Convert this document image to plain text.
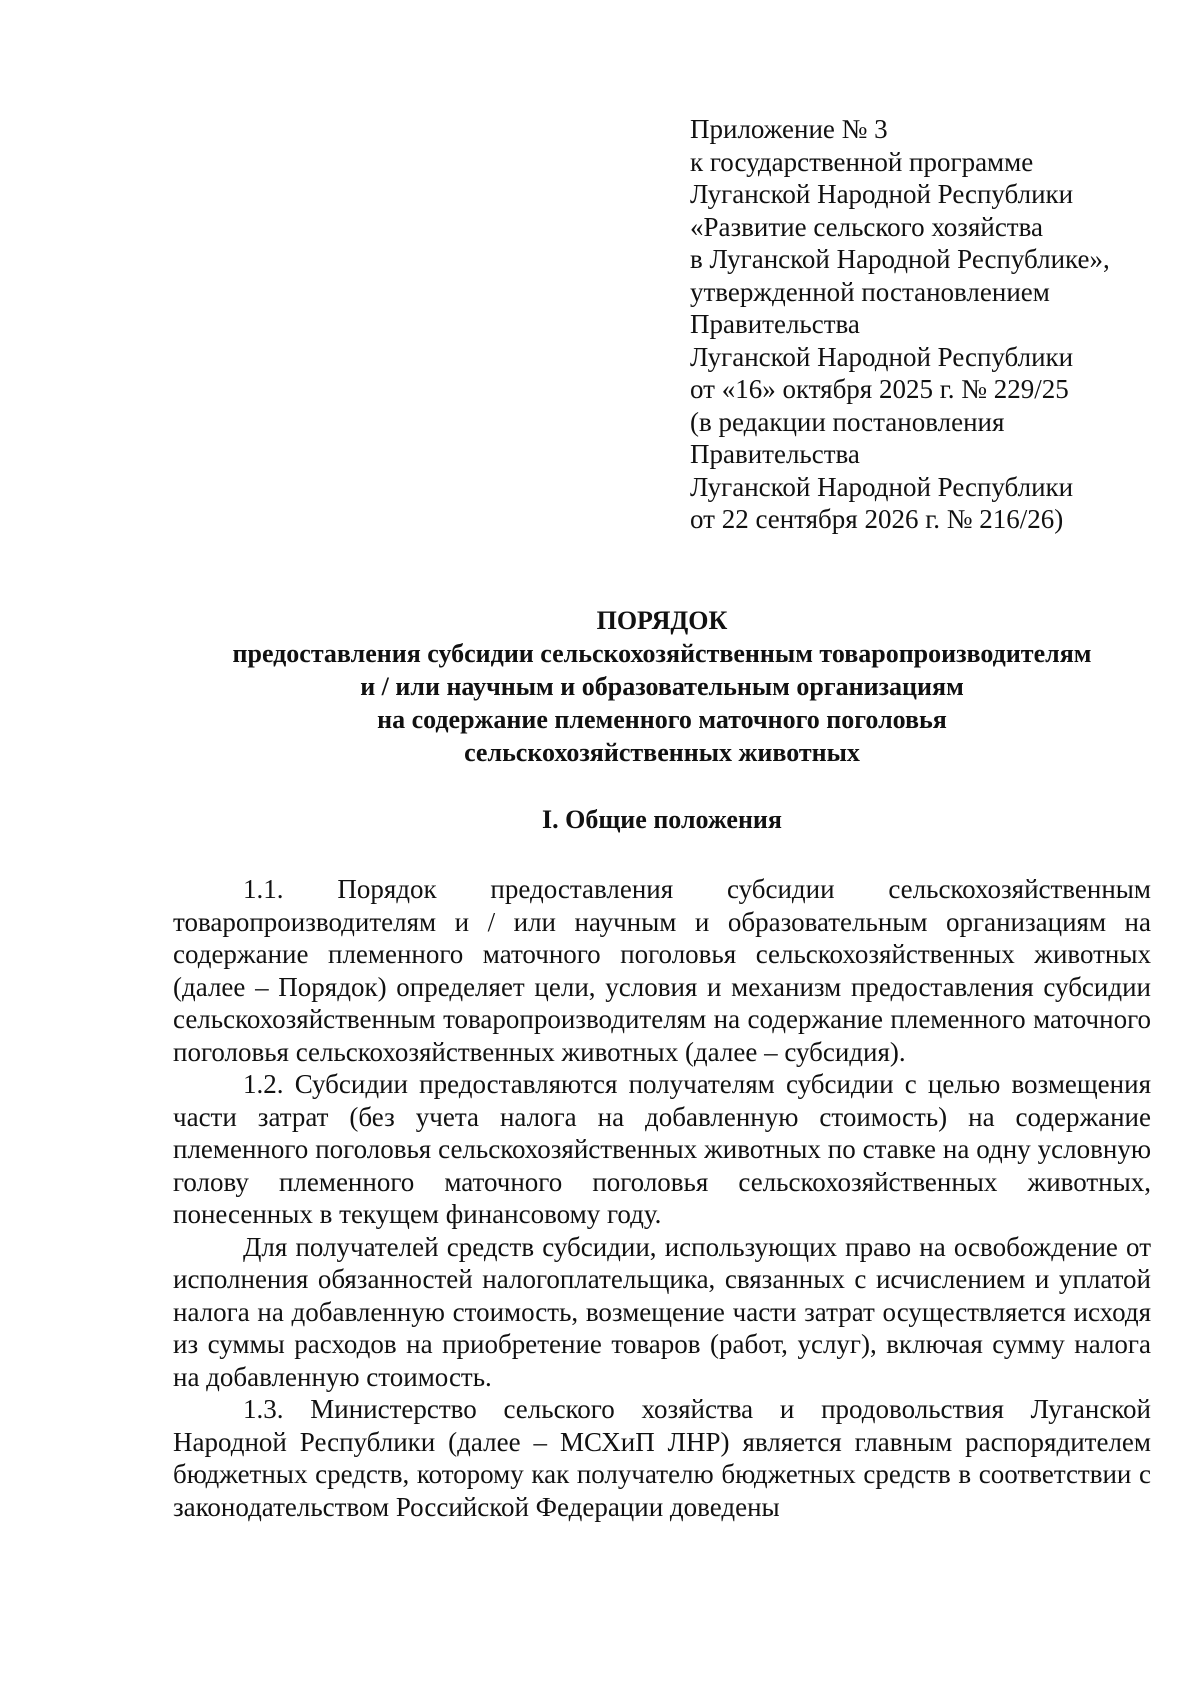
Приложение № 3
к государственной программе
Луганской Народной Республики
«Развитие сельского хозяйства
в Луганской Народной Республике»,
утвержденной постановлением
Правительства
Луганской Народной Республики
от «16» октября 2025 г. № 229/25
(в редакции постановления
Правительства
Луганской Народной Республики
от 22 сентября 2026 г. № 216/26)
ПОРЯДОК
предоставления субсидии сельскохозяйственным товаропроизводителям
и / или научным и образовательным организациям
на содержание племенного маточного поголовья
сельскохозяйственных животных
I. Общие положения

1.1. Порядок предоставления субсидии сельскохозяйственным товаропроизводителям и / или научным и образовательным организациям на содержание племенного маточного поголовья сельскохозяйственных животных (далее – Порядок) определяет цели, условия и механизм предоставления субсидии сельскохозяйственным товаропроизводителям на содержание племенного маточного поголовья сельскохозяйственных животных (далее – субсидия).

1.2. Субсидии предоставляются получателям субсидии с целью возмещения части затрат (без учета налога на добавленную стоимость) на содержание племенного поголовья сельскохозяйственных животных по ставке на одну условную голову племенного маточного поголовья сельскохозяйственных животных, понесенных в текущем финансовому году.

Для получателей средств субсидии, использующих право на освобождение от исполнения обязанностей налогоплательщика, связанных с исчислением и уплатой налога на добавленную стоимость, возмещение части затрат осуществляется исходя из суммы расходов на приобретение товаров (работ, услуг), включая сумму налога на добавленную стоимость.

1.3. Министерство сельского хозяйства и продовольствия Луганской Народной Республики (далее – МСХиП ЛНР) является главным распорядителем бюджетных средств, которому как получателю бюджетных средств в соответствии с законодательством Российской Федерации доведены
